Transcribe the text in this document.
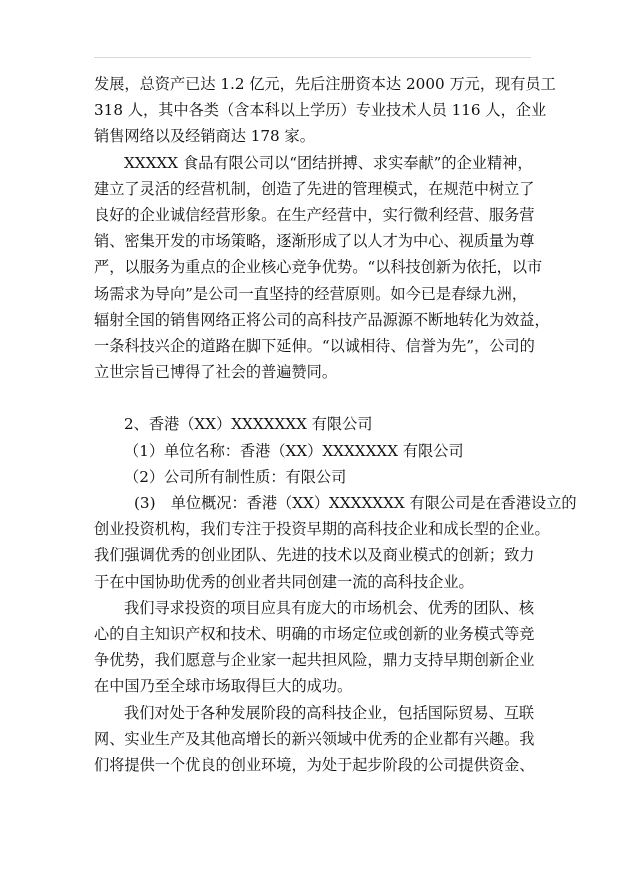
发展，总资产已达 1.2 亿元，先后注册资本达 2000 万元，现有员工
318 人，其中各类（含本科以上学历）专业技术人员 116 人，企业
销售网络以及经销商达 178 家。
XXXXX 食品有限公司以“团结拼搏、求实奉献”的企业精神，
建立了灵活的经营机制，创造了先进的管理模式，在规范中树立了
良好的企业诚信经营形象。在生产经营中，实行微利经营、服务营
销、密集开发的市场策略，逐渐形成了以人才为中心、视质量为尊
严，以服务为重点的企业核心竞争优势。“以科技创新为依托，以市
场需求为导向”是公司一直坚持的经营原则。如今已是春绿九洲，
辐射全国的销售网络正将公司的高科技产品源源不断地转化为效益，
一条科技兴企的道路在脚下延伸。“以诚相待、信誉为先”，公司的
立世宗旨已博得了社会的普遍赞同。
2、香港（XX）XXXXXXX 有限公司
（1）单位名称：香港（XX）XXXXXXX 有限公司
（2）公司所有制性质：有限公司
(3)　单位概况：香港（XX）XXXXXXX 有限公司是在香港设立的
创业投资机构，我们专注于投资早期的高科技企业和成长型的企业。
我们强调优秀的创业团队、先进的技术以及商业模式的创新；致力
于在中国协助优秀的创业者共同创建一流的高科技企业。
我们寻求投资的项目应具有庞大的市场机会、优秀的团队、核
心的自主知识产权和技术、明确的市场定位或创新的业务模式等竞
争优势，我们愿意与企业家一起共担风险，鼎力支持早期创新企业
在中国乃至全球市场取得巨大的成功。
我们对处于各种发展阶段的高科技企业，包括国际贸易、互联
网、实业生产及其他高增长的新兴领域中优秀的企业都有兴趣。我
们将提供一个优良的创业环境，为处于起步阶段的公司提供资金、
